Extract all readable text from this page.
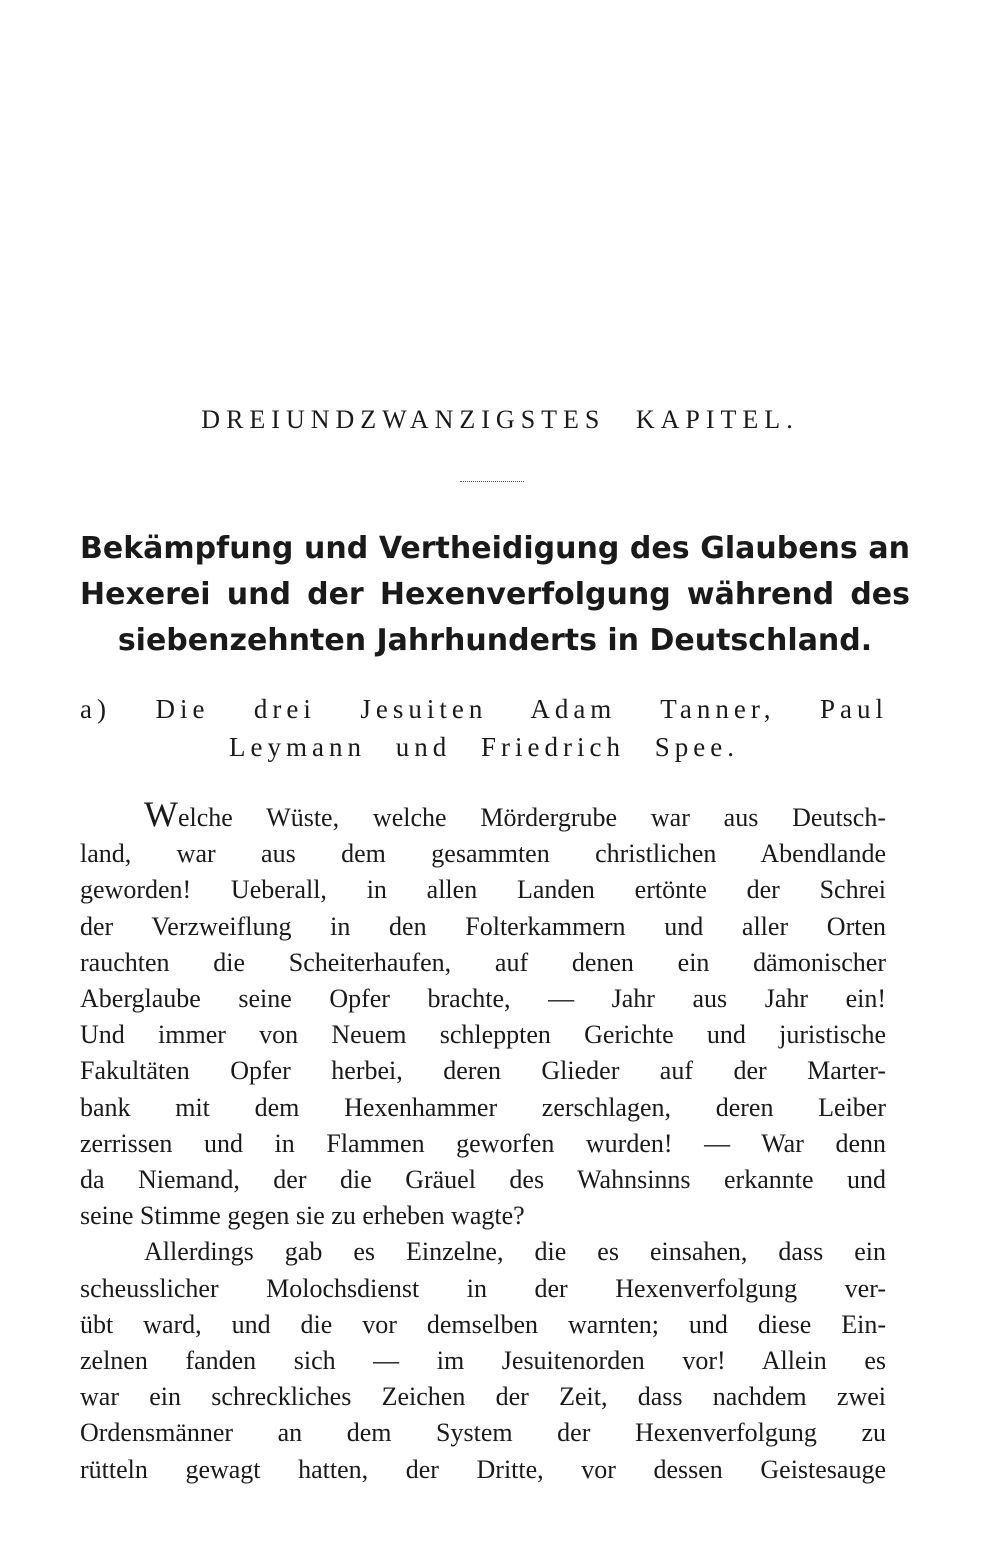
DREIUNDZWANZIGSTES KAPITEL.
Bekämpfung und Vertheidigung des Glaubens an
Hexerei und der Hexenverfolgung während des
siebenzehnten Jahrhunderts in Deutschland.
a) Die drei Jesuiten Adam Tanner, Paul
Leymann und Friedrich Spee.
Welche Wüste, welche Mördergrube war aus Deutsch-
land, war aus dem gesammten christlichen Abendlande
geworden! Ueberall, in allen Landen ertönte der Schrei
der Verzweiflung in den Folterkammern und aller Orten
rauchten die Scheiterhaufen, auf denen ein dämonischer
Aberglaube seine Opfer brachte, — Jahr aus Jahr ein!
Und immer von Neuem schleppten Gerichte und juristische
Fakultäten Opfer herbei, deren Glieder auf der Marter-
bank mit dem Hexenhammer zerschlagen, deren Leiber
zerrissen und in Flammen geworfen wurden! — War denn
da Niemand, der die Gräuel des Wahnsinns erkannte und
seine Stimme gegen sie zu erheben wagte?
Allerdings gab es Einzelne, die es einsahen, dass ein
scheusslicher Molochsdienst in der Hexenverfolgung ver-
übt ward, und die vor demselben warnten; und diese Ein-
zelnen fanden sich — im Jesuitenorden vor! Allein es
war ein schreckliches Zeichen der Zeit, dass nachdem zwei
Ordensmänner an dem System der Hexenverfolgung zu
rütteln gewagt hatten, der Dritte, vor dessen Geistesauge
